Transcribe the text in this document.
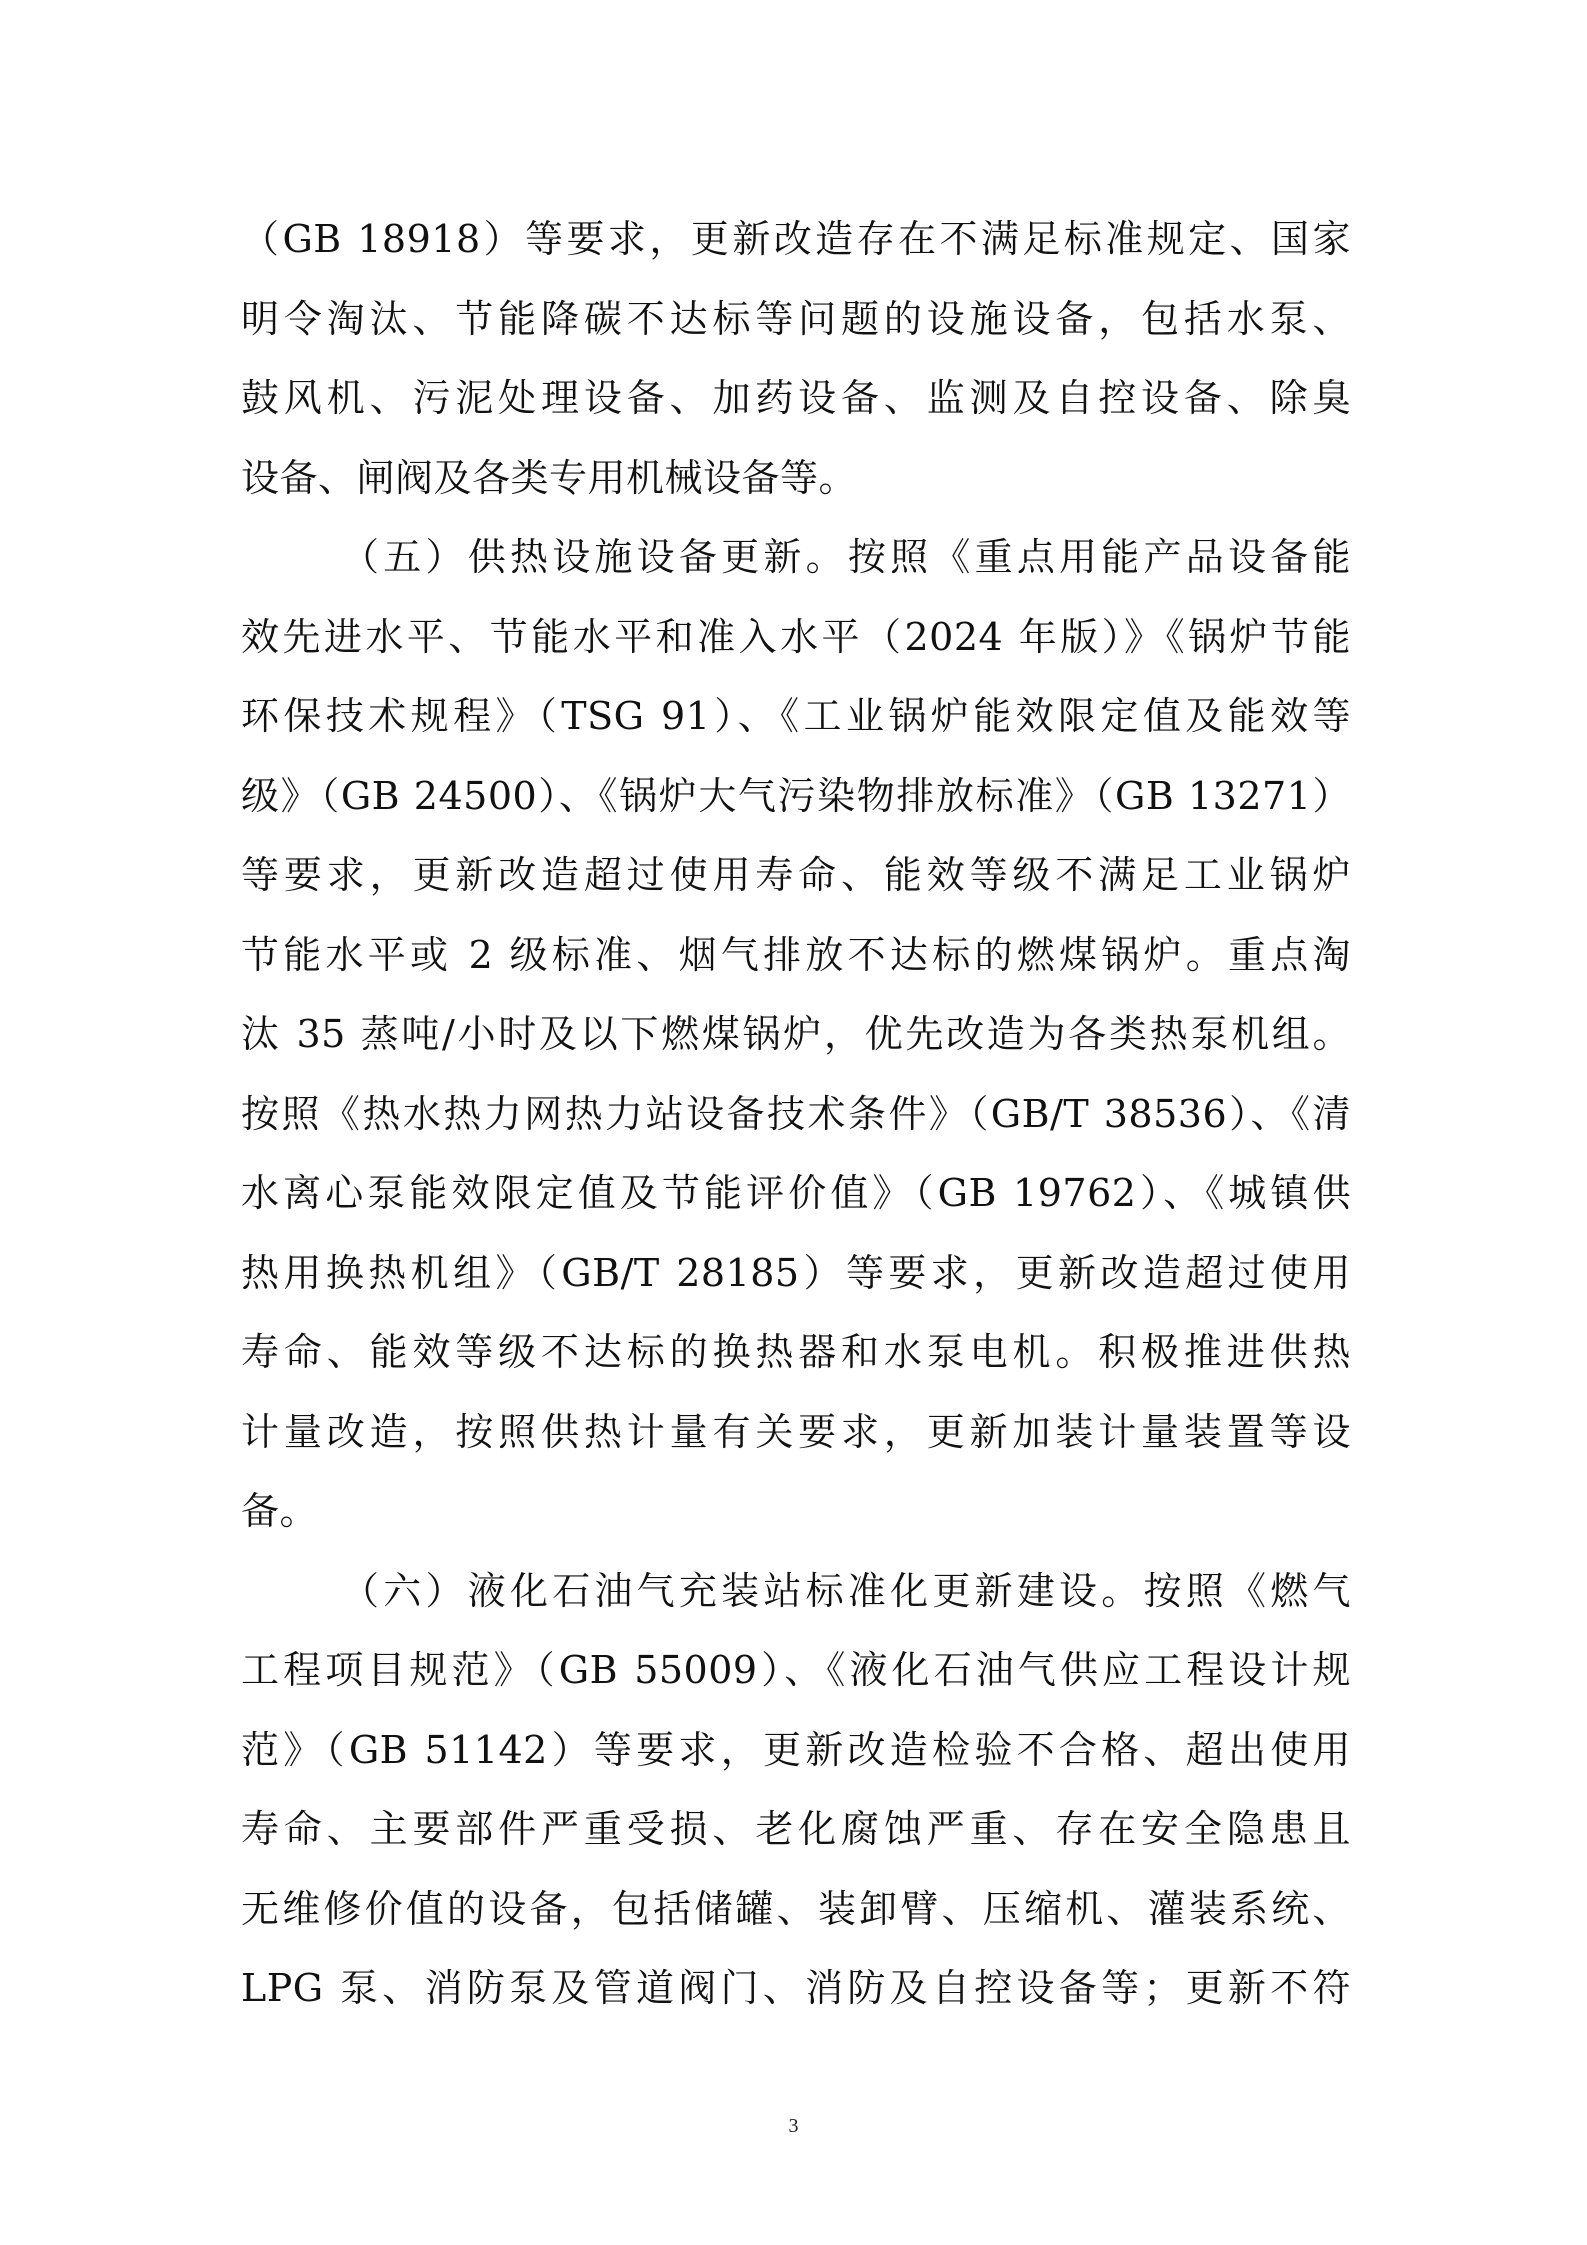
（GB 18918）等要求，更新改造存在不满足标准规定、国家
明令淘汰、节能降碳不达标等问题的设施设备，包括水泵、
鼓风机、污泥处理设备、加药设备、监测及自控设备、除臭
设备、闸阀及各类专用机械设备等。
（五）供热设施设备更新。按照《重点用能产品设备能
效先进水平、节能水平和准入水平（2024 年版）》《锅炉节能
环保技术规程》（TSG 91）、《工业锅炉能效限定值及能效等
级》（GB 24500）、《锅炉大气污染物排放标准》（GB 13271）
等要求，更新改造超过使用寿命、能效等级不满足工业锅炉
节能水平或 2 级标准、烟气排放不达标的燃煤锅炉。重点淘
汰 35 蒸吨/小时及以下燃煤锅炉，优先改造为各类热泵机组。
按照《热水热力网热力站设备技术条件》（GB/T 38536）、《清
水离心泵能效限定值及节能评价值》（GB 19762）、《城镇供
热用换热机组》（GB/T 28185）等要求，更新改造超过使用
寿命、能效等级不达标的换热器和水泵电机。积极推进供热
计量改造，按照供热计量有关要求，更新加装计量装置等设
备。
（六）液化石油气充装站标准化更新建设。按照《燃气
工程项目规范》（GB 55009）、《液化石油气供应工程设计规
范》（GB 51142）等要求，更新改造检验不合格、超出使用
寿命、主要部件严重受损、老化腐蚀严重、存在安全隐患且
无维修价值的设备，包括储罐、装卸臂、压缩机、灌装系统、
LPG 泵、消防泵及管道阀门、消防及自控设备等；更新不符
3
